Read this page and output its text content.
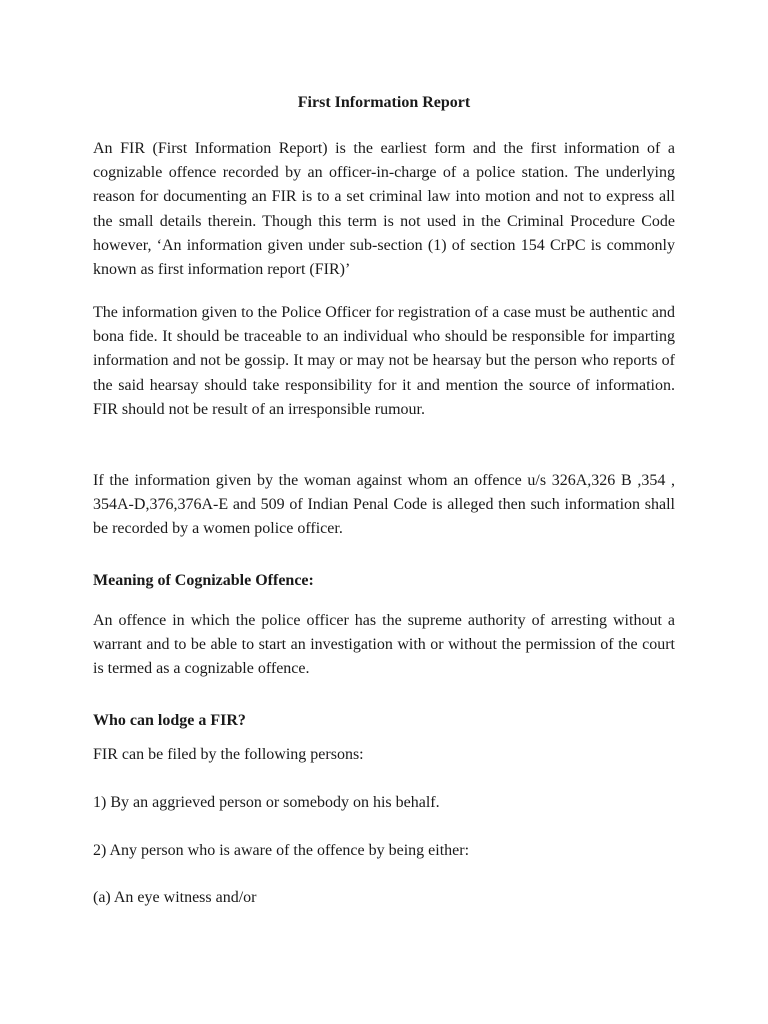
First Information Report

An FIR (First Information Report) is the earliest form and the first information of a cognizable offence recorded by an officer-in-charge of a police station. The underlying reason for documenting an FIR is to a set criminal law into motion and not to express all the small details therein. Though this term is not used in the Criminal Procedure Code however, ‘An information given under sub-section (1) of section 154 CrPC is commonly known as first information report (FIR)’

The information given to the Police Officer for registration of a case must be authentic and bona fide. It should be traceable to an individual who should be responsible for imparting information and not be gossip. It may or may not be hearsay but the person who reports of the said hearsay should take responsibility for it and mention the source of information. FIR should not be result of an irresponsible rumour.

If the information given by the woman against whom an offence u/s 326A,326 B ,354 , 354A-D,376,376A-E and 509 of Indian Penal Code is alleged then such information shall be recorded by a women police officer.

Meaning of Cognizable Offence:

An offence in which the police officer has the supreme authority of arresting without a warrant and to be able to start an investigation with or without the permission of the court is termed as a cognizable offence.

Who can lodge a FIR?

FIR can be filed by the following persons:

1) By an aggrieved person or somebody on his behalf.

2) Any person who is aware of the offence by being either:

(a) An eye witness and/or
